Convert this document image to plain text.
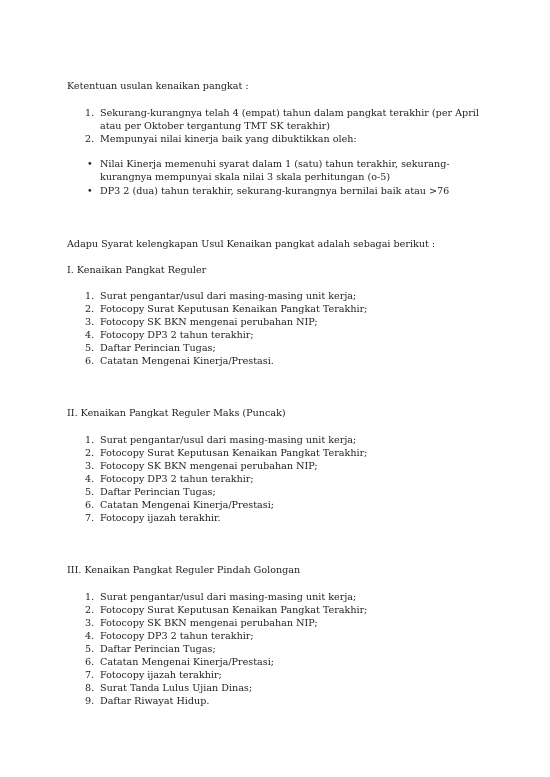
Ketentuan usulan kenaikan pangkat :
1. Sekurang-kurangnya telah 4 (empat) tahun dalam pangkat terakhir (per April
atau per Oktober tergantung TMT SK terakhir)
2. Mempunyai nilai kinerja baik yang dibuktikkan oleh:
• Nilai Kinerja memenuhi syarat dalam 1 (satu) tahun terakhir, sekurang-
kurangnya mempunyai skala nilai 3 skala perhitungan (o-5)
• DP3 2 (dua) tahun terakhir, sekurang-kurangnya bernilai baik atau >76
Adapu Syarat kelengkapan Usul Kenaikan pangkat adalah sebagai berikut :
I. Kenaikan Pangkat Reguler
1. Surat pengantar/usul dari masing-masing unit kerja;
2. Fotocopy Surat Keputusan Kenaikan Pangkat Terakhir;
3. Fotocopy SK BKN mengenai perubahan NIP;
4. Fotocopy DP3 2 tahun terakhir;
5. Daftar Perincian Tugas;
6. Catatan Mengenai Kinerja/Prestasi.
II. Kenaikan Pangkat Reguler Maks (Puncak)
1. Surat pengantar/usul dari masing-masing unit kerja;
2. Fotocopy Surat Keputusan Kenaikan Pangkat Terakhir;
3. Fotocopy SK BKN mengenai perubahan NIP;
4. Fotocopy DP3 2 tahun terakhir;
5. Daftar Perincian Tugas;
6. Catatan Mengenai Kinerja/Prestasi;
7. Fotocopy ijazah terakhir.
III. Kenaikan Pangkat Reguler Pindah Golongan
1. Surat pengantar/usul dari masing-masing unit kerja;
2. Fotocopy Surat Keputusan Kenaikan Pangkat Terakhir;
3. Fotocopy SK BKN mengenai perubahan NIP;
4. Fotocopy DP3 2 tahun terakhir;
5. Daftar Perincian Tugas;
6. Catatan Mengenai Kinerja/Prestasi;
7. Fotocopy ijazah terakhir;
8. Surat Tanda Lulus Ujian Dinas;
9. Daftar Riwayat Hidup.
